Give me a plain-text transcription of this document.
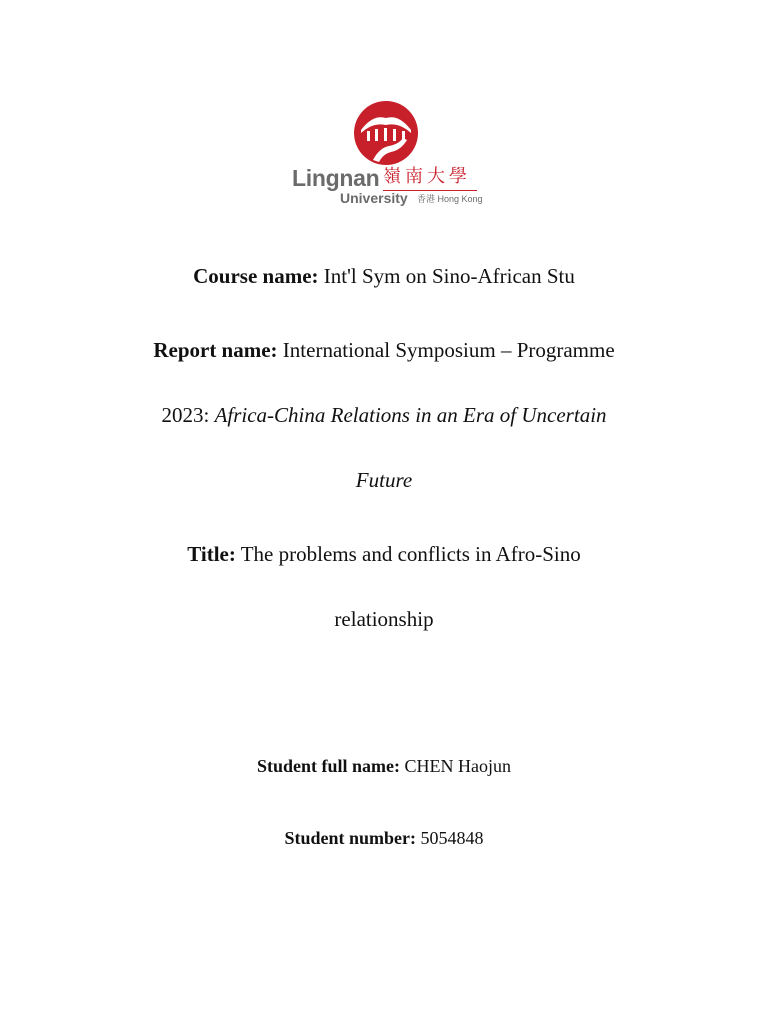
Lingnan 嶺南大學
University 香港 Hong Kong
Course name: Int'l Sym on Sino-African Stu
Report name: International Symposium – Programme
2023: Africa-China Relations in an Era of Uncertain
Future
Title: The problems and conflicts in Afro-Sino
relationship
Student full name: CHEN Haojun
Student number: 5054848
